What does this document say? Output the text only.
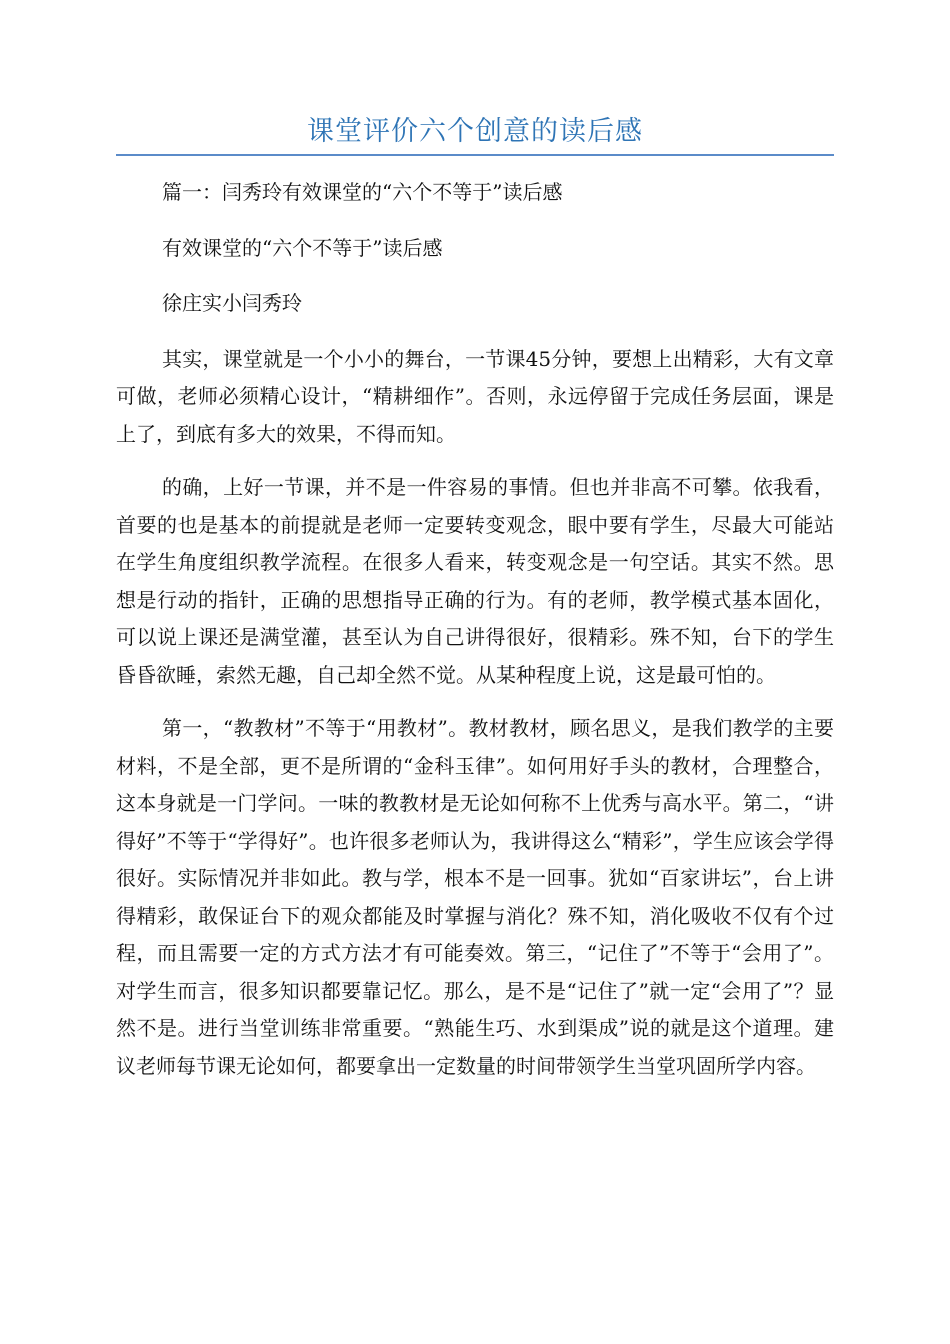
课堂评价六个创意的读后感

篇一：闫秀玲有效课堂的“六个不等于”读后感

有效课堂的“六个不等于”读后感

徐庄实小闫秀玲

其实，课堂就是一个小小的舞台，一节课45分钟，要想上出精彩，大有文章可做，老师必须精心设计，“精耕细作”。否则，永远停留于完成任务层面，课是上了，到底有多大的效果，不得而知。

的确，上好一节课，并不是一件容易的事情。但也并非高不可攀。依我看，首要的也是基本的前提就是老师一定要转变观念，眼中要有学生，尽最大可能站在学生角度组织教学流程。在很多人看来，转变观念是一句空话。其实不然。思想是行动的指针，正确的思想指导正确的行为。有的老师，教学模式基本固化，可以说上课还是满堂灌，甚至认为自己讲得很好，很精彩。殊不知，台下的学生昏昏欲睡，索然无趣，自己却全然不觉。从某种程度上说，这是最可怕的。

第一，“教教材”不等于“用教材”。教材教材，顾名思义，是我们教学的主要材料，不是全部，更不是所谓的“金科玉律”。如何用好手头的教材，合理整合，这本身就是一门学问。一味的教教材是无论如何称不上优秀与高水平。第二，“讲得好”不等于“学得好”。也许很多老师认为，我讲得这么“精彩”，学生应该会学得很好。实际情况并非如此。教与学，根本不是一回事。犹如“百家讲坛”，台上讲得精彩，敢保证台下的观众都能及时掌握与消化？殊不知，消化吸收不仅有个过程，而且需要一定的方式方法才有可能奏效。第三，“记住了”不等于“会用了”。对学生而言，很多知识都要靠记忆。那么，是不是“记住了”就一定“会用了”？显然不是。进行当堂训练非常重要。“熟能生巧、水到渠成”说的就是这个道理。建议老师每节课无论如何，都要拿出一定数量的时间带领学生当堂巩固所学内容。
